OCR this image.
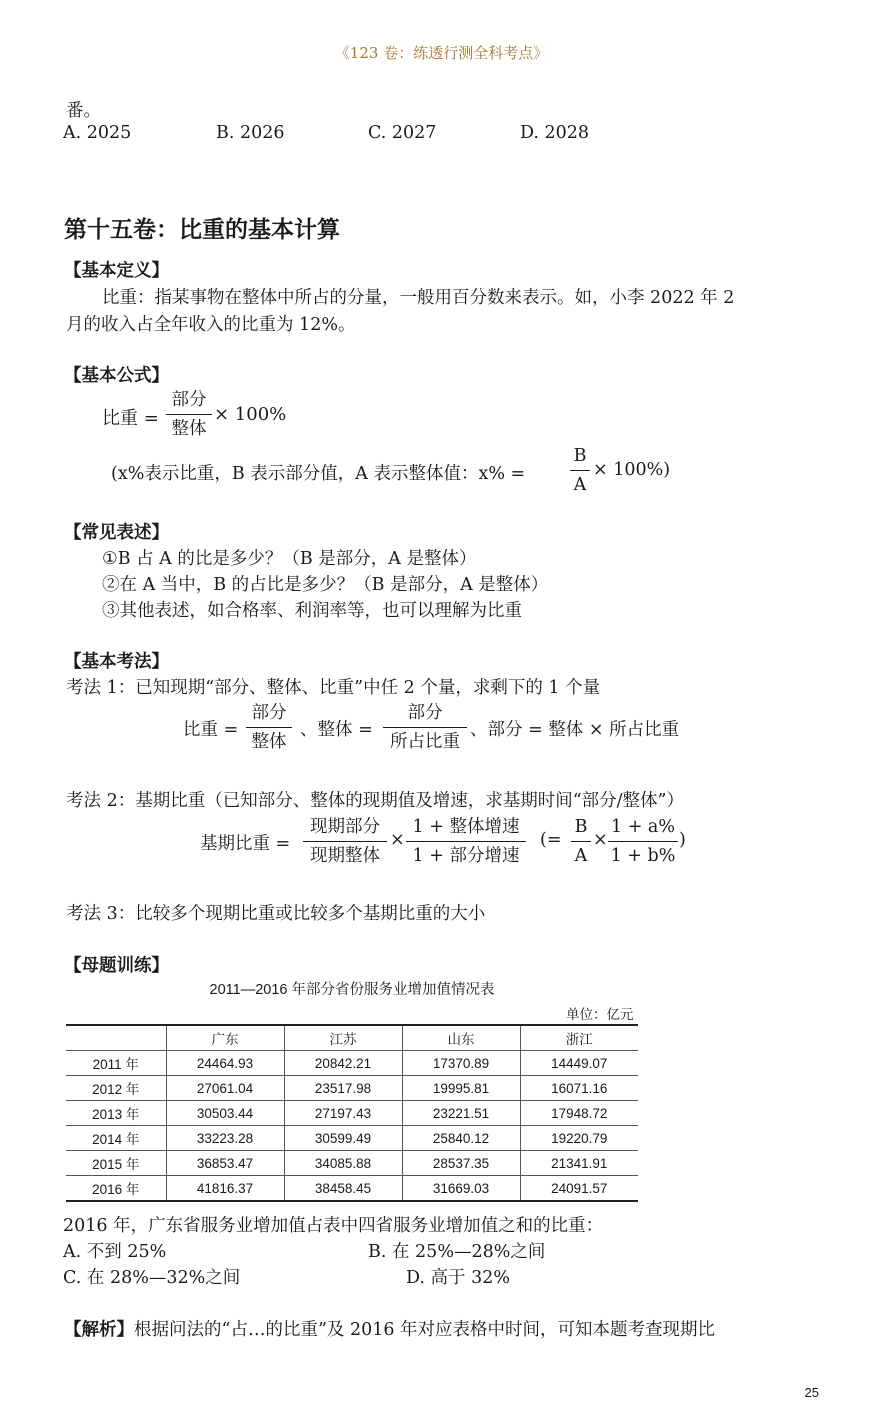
《123 卷：练透行测全科考点》
番。
A. 2025	B. 2026	C. 2027	D. 2028
第十五卷：比重的基本计算
【基本定义】
比重：指某事物在整体中所占的分量，一般用百分数来表示。如，小李 2022 年 2
月的收入占全年收入的比重为 12%。
【基本公式】
比重 =
部分
整体
× 100%
(x%表示比重，B 表示部分值，A 表示整体值：x% =
B
A
× 100%)
【常见表述】
①B 占 A 的比是多少？（B 是部分，A 是整体）
②在 A 当中，B 的占比是多少？（B 是部分，A 是整体）
③其他表述，如合格率、利润率等，也可以理解为比重
【基本考法】
考法 1：已知现期“部分、整体、比重”中任 2 个量，求剩下的 1 个量
比重 =
部分
整体
、整体 =
部分
所占比重
、部分 = 整体 × 所占比重
考法 2：基期比重（已知部分、整体的现期值及增速，求基期时间“部分/整体”）
基期比重 =
现期部分
现期整体
×
1 + 整体增速
1 + 部分增速
(=
B
A
×
1 + a%
1 + b%
)
考法 3：比较多个现期比重或比较多个基期比重的大小
【母题训练】
2011—2016 年部分省份服务业增加值情况表
单位：亿元
	广东	江苏	山东	浙江
2011 年	24464.93	20842.21	17370.89	14449.07
2012 年	27061.04	23517.98	19995.81	16071.16
2013 年	30503.44	27197.43	23221.51	17948.72
2014 年	33223.28	30599.49	25840.12	19220.79
2015 年	36853.47	34085.88	28537.35	21341.91
2016 年	41816.37	38458.45	31669.03	24091.57
2016 年，广东省服务业增加值占表中四省服务业增加值之和的比重：
A. 不到 25%	B. 在 25%—28%之间
C. 在 28%—32%之间	D. 高于 32%
【解析】根据问法的“占…的比重”及 2016 年对应表格中时间，可知本题考查现期比
25
